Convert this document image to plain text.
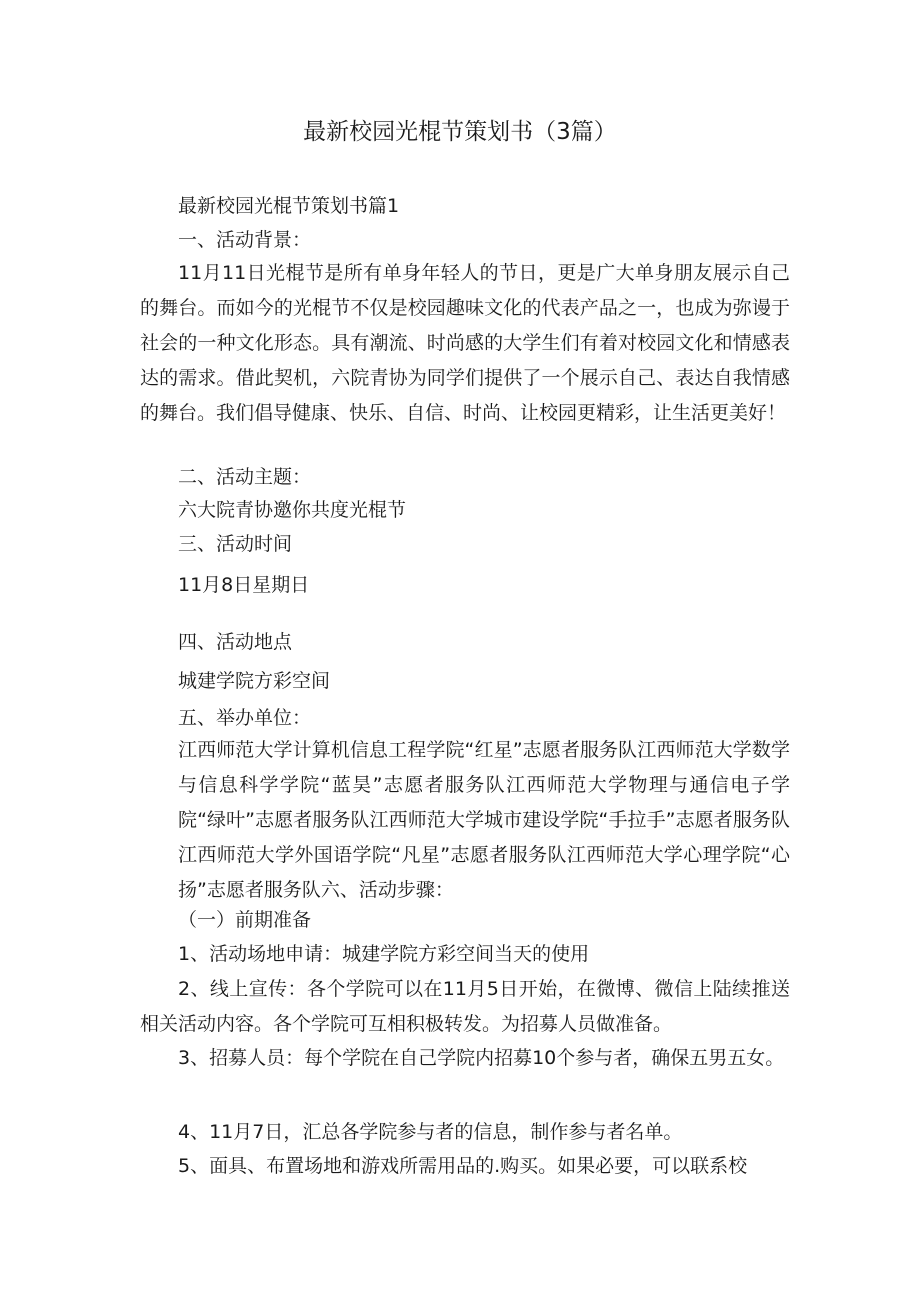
最新校园光棍节策划书（3篇）
最新校园光棍节策划书篇1
一、活动背景：
11月11日光棍节是所有单身年轻人的节日，更是广大单身朋友展示自己的舞台。而如今的光棍节不仅是校园趣味文化的代表产品之一，也成为弥谩于社会的一种文化形态。具有潮流、时尚感的大学生们有着对校园文化和情感表达的需求。借此契机，六院青协为同学们提供了一个展示自己、表达自我情感的舞台。我们倡导健康、快乐、自信、时尚、让校园更精彩，让生活更美好！
二、活动主题：
六大院青协邀你共度光棍节
三、活动时间
11月8日星期日
四、活动地点
城建学院方彩空间
五、举办单位：
江西师范大学计算机信息工程学院“红星”志愿者服务队江西师范大学数学与信息科学学院“蓝昊”志愿者服务队江西师范大学物理与通信电子学院“绿叶”志愿者服务队江西师范大学城市建设学院“手拉手”志愿者服务队江西师范大学外国语学院“凡星”志愿者服务队江西师范大学心理学院“心扬”志愿者服务队六、活动步骤：
（一）前期准备
1、活动场地申请：城建学院方彩空间当天的使用
2、线上宣传：各个学院可以在11月5日开始，在微博、微信上陆续推送相关活动内容。各个学院可互相积极转发。为招募人员做准备。
3、招募人员：每个学院在自己学院内招募10个参与者，确保五男五女。
4、11月7日，汇总各学院参与者的信息，制作参与者名单。
5、面具、布置场地和游戏所需用品的.购买。如果必要，可以联系校
